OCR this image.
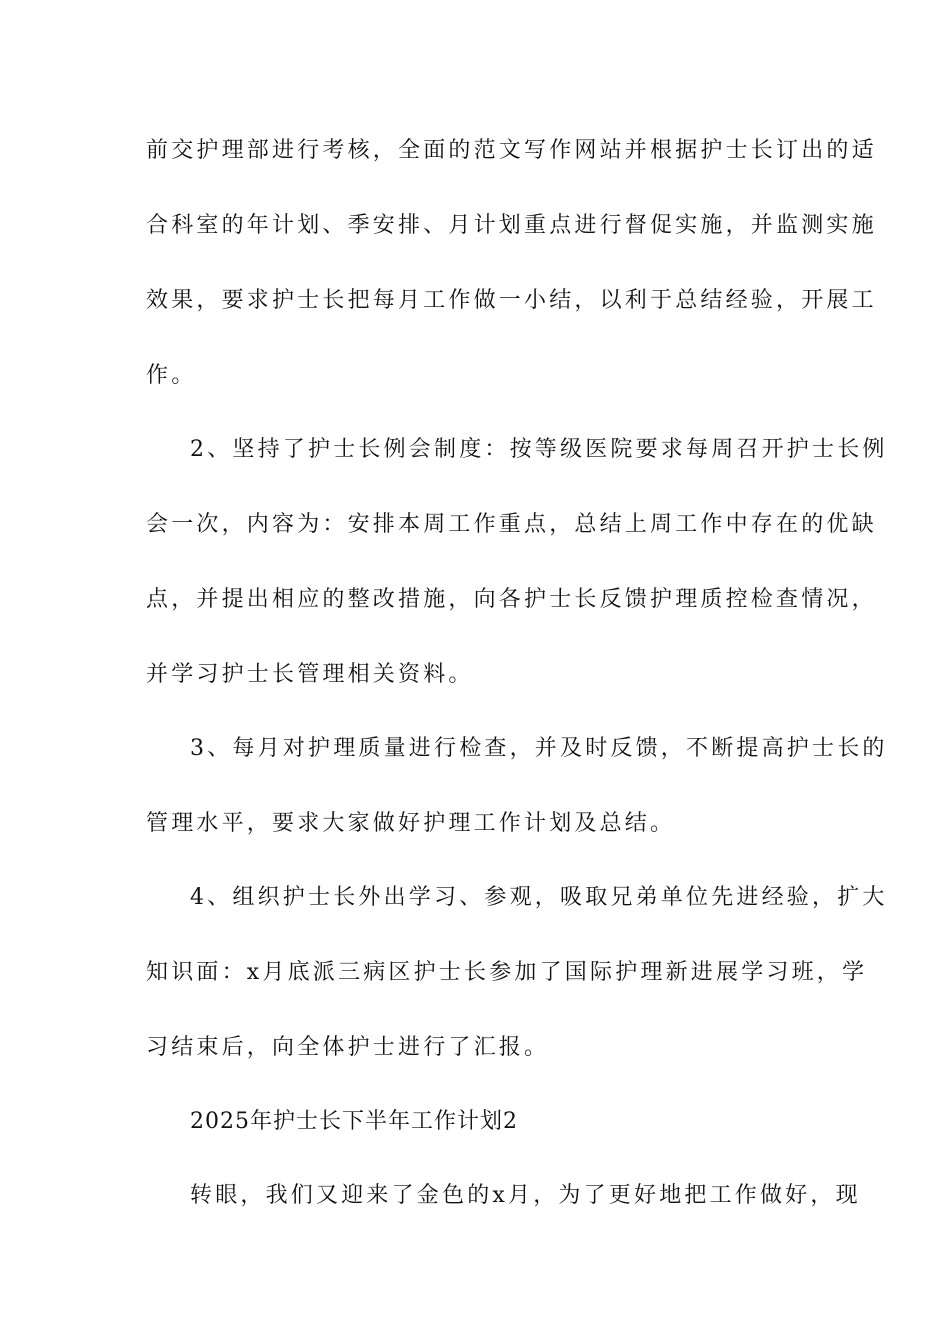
前交护理部进行考核，全面的范文写作网站并根据护士长订出的适
合科室的年计划、季安排、月计划重点进行督促实施，并监测实施
效果，要求护士长把每月工作做一小结，以利于总结经验，开展工
作。
2、坚持了护士长例会制度：按等级医院要求每周召开护士长例
会一次，内容为：安排本周工作重点，总结上周工作中存在的优缺
点，并提出相应的整改措施，向各护士长反馈护理质控检查情况，
并学习护士长管理相关资料。
3、每月对护理质量进行检查，并及时反馈，不断提高护士长的
管理水平，要求大家做好护理工作计划及总结。
4、组织护士长外出学习、参观，吸取兄弟单位先进经验，扩大
知识面：x月底派三病区护士长参加了国际护理新进展学习班，学
习结束后，向全体护士进行了汇报。
2025年护士长下半年工作计划2
转眼，我们又迎来了金色的x月，为了更好地把工作做好，现
